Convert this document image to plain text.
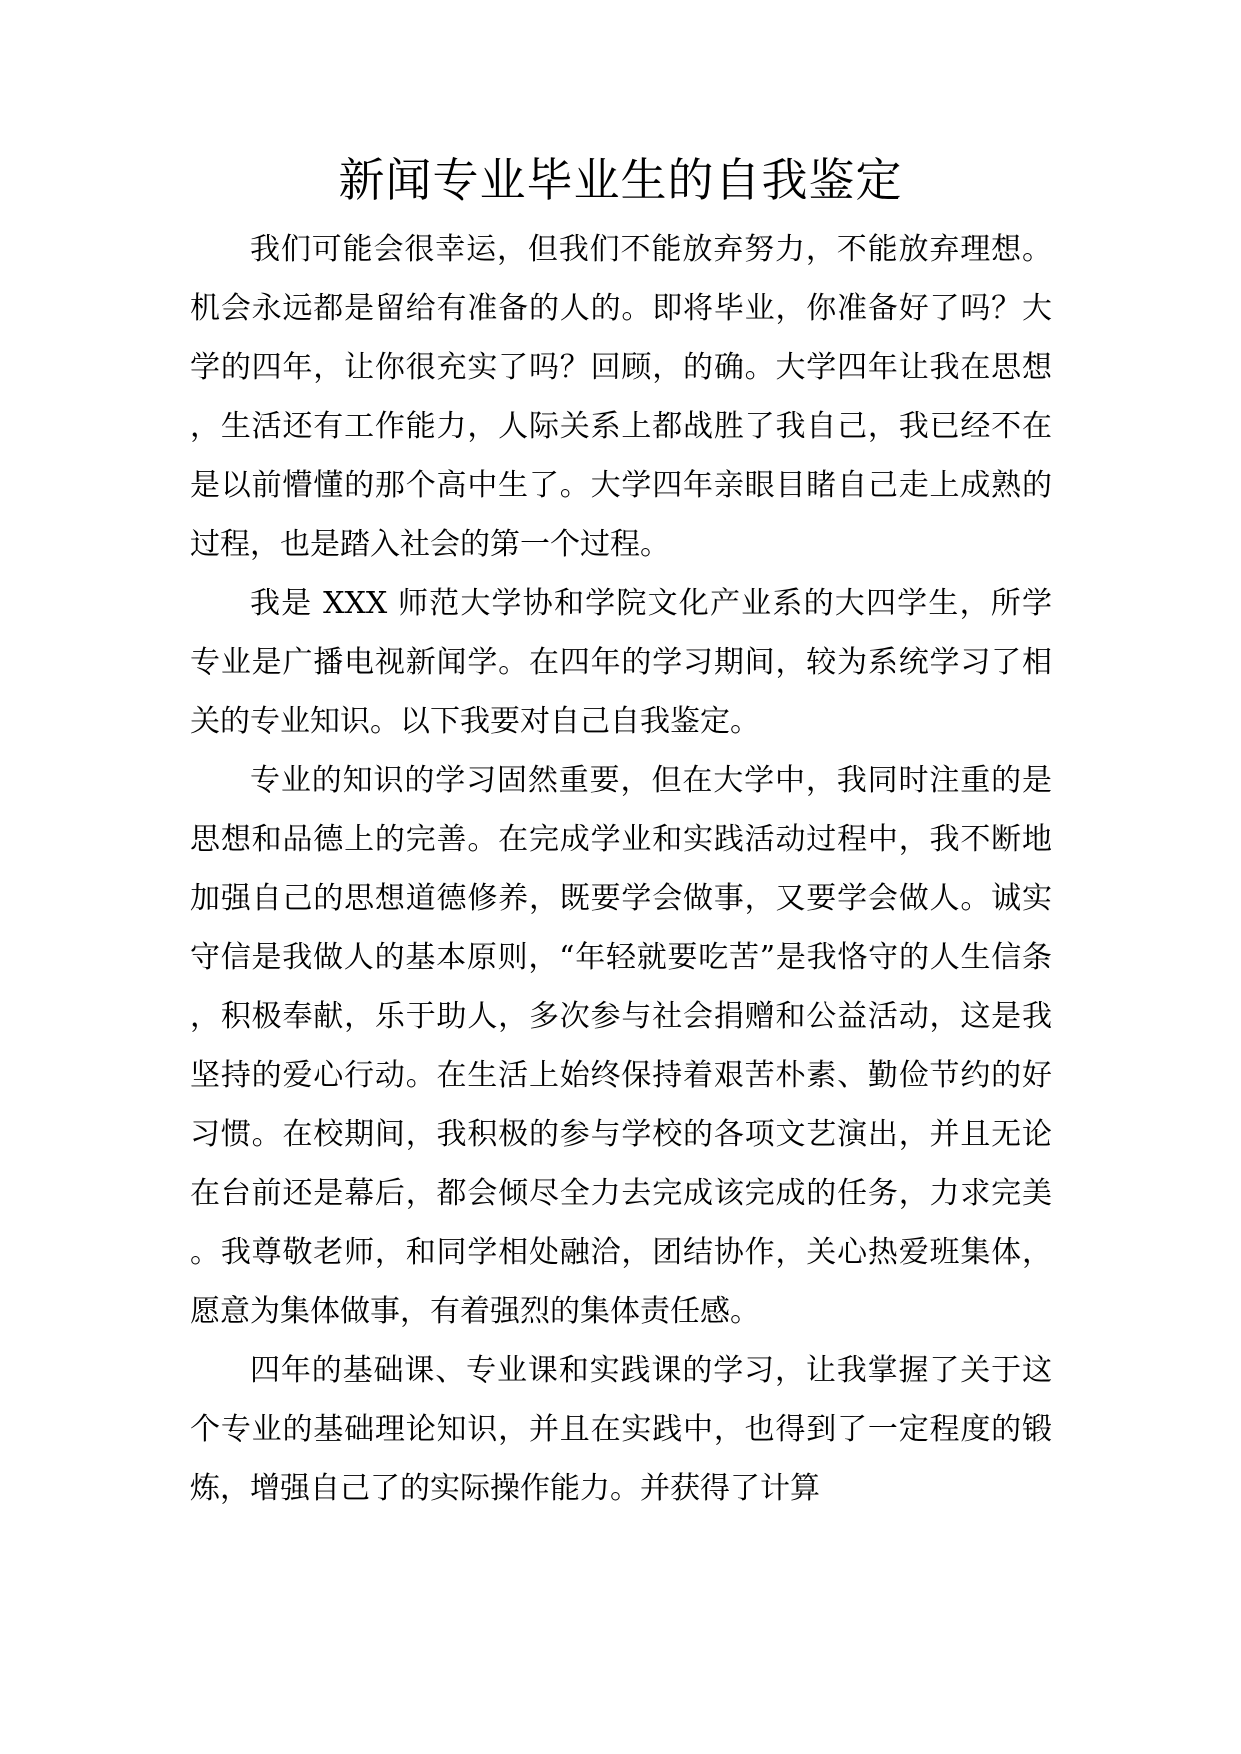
新闻专业毕业生的自我鉴定

我们可能会很幸运，但我们不能放弃努力，不能放弃理想。机会永远都是留给有准备的人的。即将毕业，你准备好了吗？大学的四年，让你很充实了吗？回顾，的确。大学四年让我在思想，生活还有工作能力，人际关系上都战胜了我自己，我已经不在是以前懵懂的那个高中生了。大学四年亲眼目睹自己走上成熟的过程，也是踏入社会的第一个过程。

我是 XXX 师范大学协和学院文化产业系的大四学生，所学专业是广播电视新闻学。在四年的学习期间，较为系统学习了相关的专业知识。以下我要对自己自我鉴定。

专业的知识的学习固然重要，但在大学中，我同时注重的是思想和品德上的完善。在完成学业和实践活动过程中，我不断地加强自己的思想道德修养，既要学会做事，又要学会做人。诚实守信是我做人的基本原则，“年轻就要吃苦”是我恪守的人生信条，积极奉献，乐于助人，多次参与社会捐赠和公益活动，这是我坚持的爱心行动。在生活上始终保持着艰苦朴素、勤俭节约的好习惯。在校期间，我积极的参与学校的各项文艺演出，并且无论在台前还是幕后，都会倾尽全力去完成该完成的任务，力求完美。我尊敬老师，和同学相处融洽，团结协作，关心热爱班集体，愿意为集体做事，有着强烈的集体责任感。

四年的基础课、专业课和实践课的学习，让我掌握了关于这个专业的基础理论知识，并且在实践中，也得到了一定程度的锻炼，增强自己了的实际操作能力。并获得了计算
